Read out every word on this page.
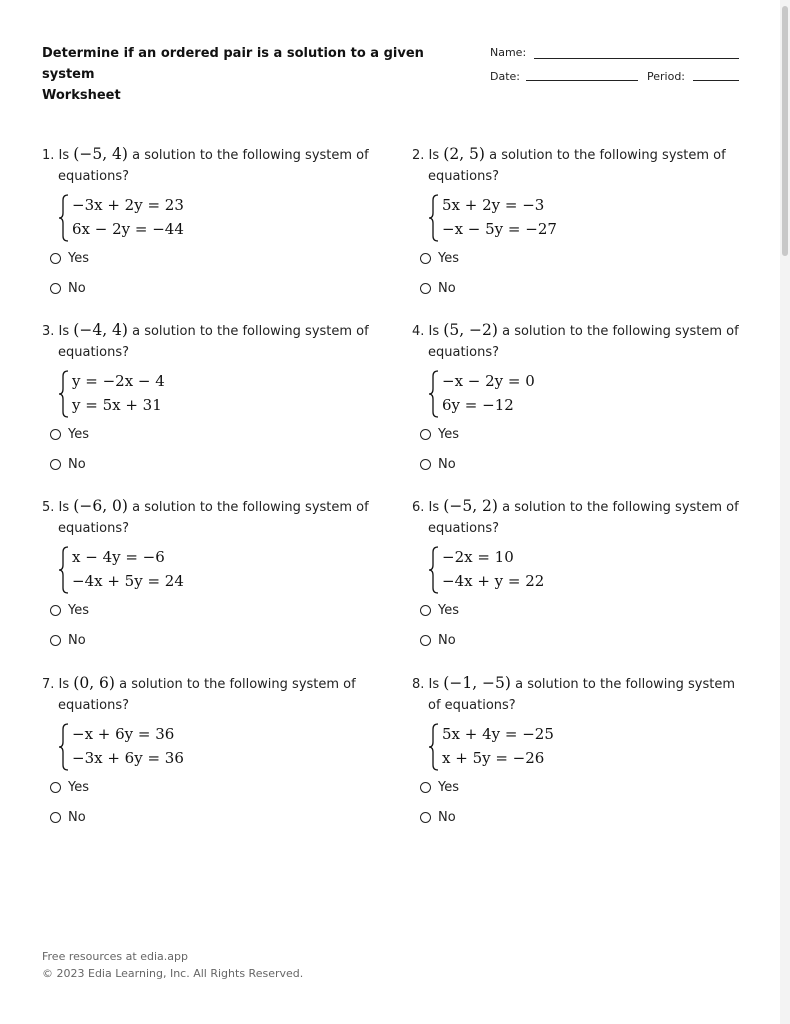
Determine if an ordered pair is a solution to a given system
Worksheet
Name:
Date:	Period:
1. Is (−5, 4) a solution to the following system of
equations?
−3x + 2y = 23
6x − 2y = −44
Yes
No
2. Is (2, 5) a solution to the following system of
equations?
5x + 2y = −3
−x − 5y = −27
Yes
No
3. Is (−4, 4) a solution to the following system of
equations?
y = −2x − 4
y = 5x + 31
Yes
No
4. Is (5, −2) a solution to the following system of
equations?
−x − 2y = 0
6y = −12
Yes
No
5. Is (−6, 0) a solution to the following system of
equations?
x − 4y = −6
−4x + 5y = 24
Yes
No
6. Is (−5, 2) a solution to the following system of
equations?
−2x = 10
−4x + y = 22
Yes
No
7. Is (0, 6) a solution to the following system of
equations?
−x + 6y = 36
−3x + 6y = 36
Yes
No
8. Is (−1, −5) a solution to the following system
of equations?
5x + 4y = −25
x + 5y = −26
Yes
No
Free resources at edia.app
© 2023 Edia Learning, Inc. All Rights Reserved.
